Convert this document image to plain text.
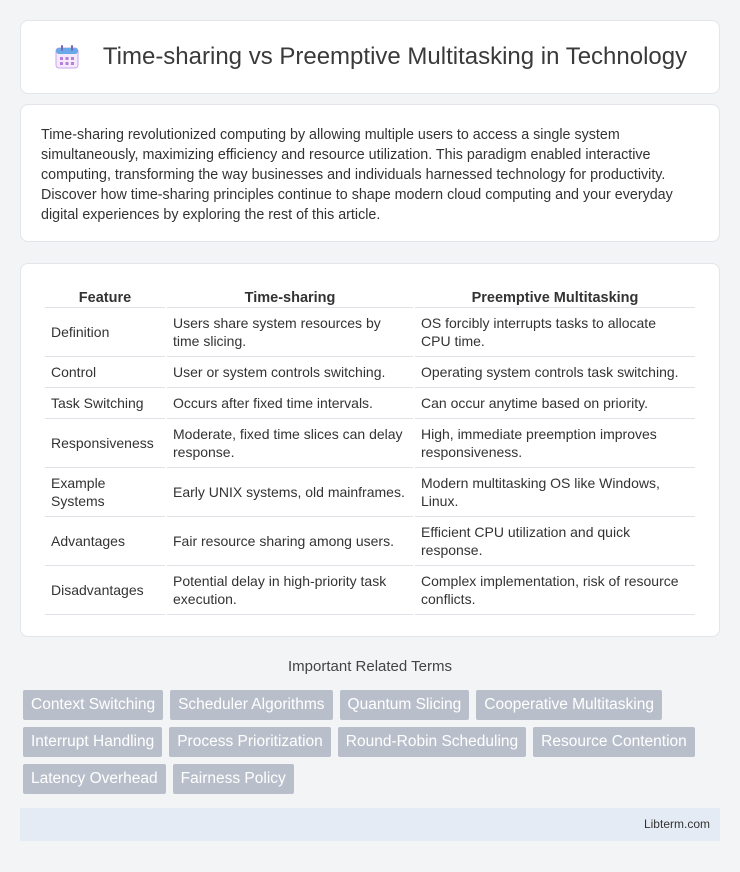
Time-sharing vs Preemptive Multitasking in Technology

Time-sharing revolutionized computing by allowing multiple users to access a single system simultaneously, maximizing efficiency and resource utilization. This paradigm enabled interactive computing, transforming the way businesses and individuals harnessed technology for productivity. Discover how time-sharing principles continue to shape modern cloud computing and your everyday digital experiences by exploring the rest of this article.

Feature	Time-sharing	Preemptive Multitasking
Definition	Users share system resources by time slicing.	OS forcibly interrupts tasks to allocate CPU time.
Control	User or system controls switching.	Operating system controls task switching.
Task Switching	Occurs after fixed time intervals.	Can occur anytime based on priority.
Responsiveness	Moderate, fixed time slices can delay response.	High, immediate preemption improves responsiveness.
Example Systems	Early UNIX systems, old mainframes.	Modern multitasking OS like Windows, Linux.
Advantages	Fair resource sharing among users.	Efficient CPU utilization and quick response.
Disadvantages	Potential delay in high-priority task execution.	Complex implementation, risk of resource conflicts.
Important Related Terms
Context Switching	Scheduler Algorithms	Quantum Slicing	Cooperative Multitasking
Interrupt Handling	Process Prioritization	Round-Robin Scheduling	Resource Contention
Latency Overhead	Fairness Policy
Libterm.com
